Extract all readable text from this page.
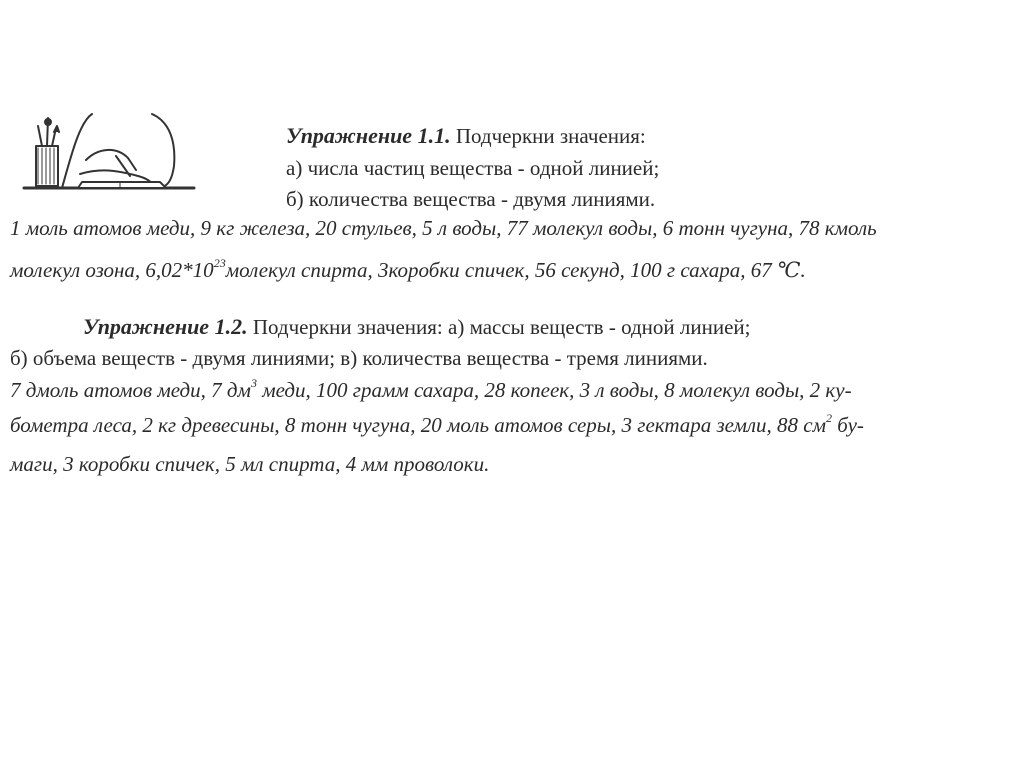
Упражнение 1.1. Подчеркни значения:
а) числа частиц вещества - одной линией;
б) количества вещества - двумя линиями.
1 моль атомов меди, 9 кг железа, 20 стульев, 5 л воды, 77 молекул воды, 6 тонн чугуна, 78 кмоль
молекул озона, $6,02*10^{23}молекул$ спирта, 3коробки спичек, 56 секунд, 100 г сахара, 67 ℃.
Упражнение 1.2. Подчеркни значения: а) массы веществ - одной линией;
б) объема веществ - двумя линиями; в) количества вещества - тремя линиями.
7 дмоль атомов меди, 7 $дм^3$ меди, 100 грамм сахара, 28 копеек, 3 л воды, 8 молекул воды, 2 ку-
бометра леса, 2 кг древесины, 8 тонн чугуна, 20 моль атомов серы, 3 гектара земли, 88 $см^2$ бу-
маги, 3 коробки спичек, 5 мл спирта, 4 мм проволоки.
